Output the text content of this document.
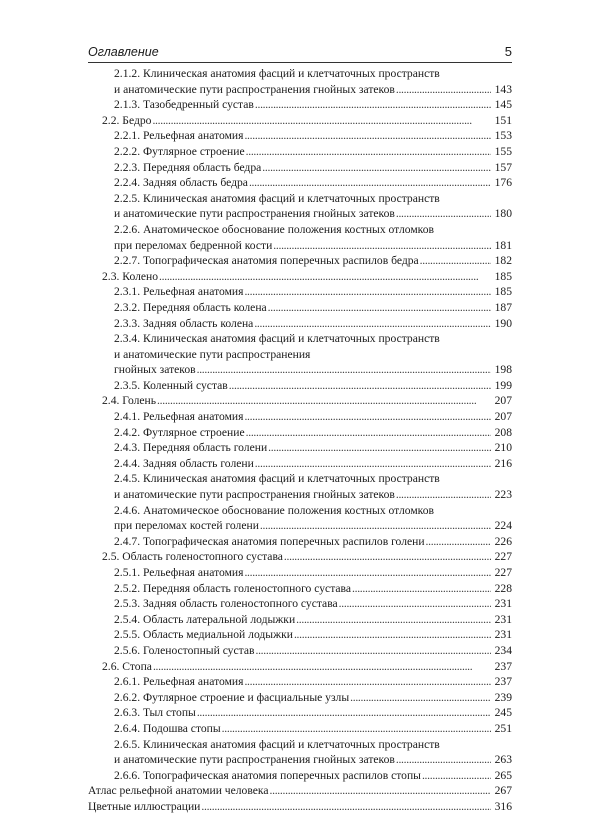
Оглавление	5
2.1.2. Клиническая анатомия фасций и клетчаточных пространств
и анатомические пути распространения гнойных затеков . . .	143
2.1.3. Тазобедренный сустав . . .	145
2.2. Бедро . . .	151
2.2.1. Рельефная анатомия . . .	153
2.2.2. Футлярное строение . . .	155
2.2.3. Передняя область бедра . . .	157
2.2.4. Задняя область бедра . . .	176
2.2.5. Клиническая анатомия фасций и клетчаточных пространств
и анатомические пути распространения гнойных затеков . . .	180
2.2.6. Анатомическое обоснование положения костных отломков
при переломах бедренной кости . . .	181
2.2.7. Топографическая анатомия поперечных распилов бедра . . .	182
2.3. Колено . . .	185
2.3.1. Рельефная анатомия . . .	185
2.3.2. Передняя область колена . . .	187
2.3.3. Задняя область колена . . .	190
2.3.4. Клиническая анатомия фасций и клетчаточных пространств
и анатомические пути распространения
гнойных затеков . . .	198
2.3.5. Коленный сустав . . .	199
2.4. Голень . . .	207
2.4.1. Рельефная анатомия . . .	207
2.4.2. Футлярное строение . . .	208
2.4.3. Передняя область голени . . .	210
2.4.4. Задняя область голени . . .	216
2.4.5. Клиническая анатомия фасций и клетчаточных пространств
и анатомические пути распространения гнойных затеков . . .	223
2.4.6. Анатомическое обоснование положения костных отломков
при переломах костей голени . . .	224
2.4.7. Топографическая анатомия поперечных распилов голени . . .	226
2.5. Область голеностопного сустава . . .	227
2.5.1. Рельефная анатомия . . .	227
2.5.2. Передняя область голеностопного сустава . . .	228
2.5.3. Задняя область голеностопного сустава . . .	231
2.5.4. Область латеральной лодыжки . . .	231
2.5.5. Область медиальной лодыжки . . .	231
2.5.6. Голеностопный сустав . . .	234
2.6. Стопа . . .	237
2.6.1. Рельефная анатомия . . .	237
2.6.2. Футлярное строение и фасциальные узлы . . .	239
2.6.3. Тыл стопы . . .	245
2.6.4. Подошва стопы . . .	251
2.6.5. Клиническая анатомия фасций и клетчаточных пространств
и анатомические пути распространения гнойных затеков . . .	263
2.6.6. Топографическая анатомия поперечных распилов стопы . . .	265
Атлас рельефной анатомии человека . . .	267
Цветные иллюстрации . . .	316
